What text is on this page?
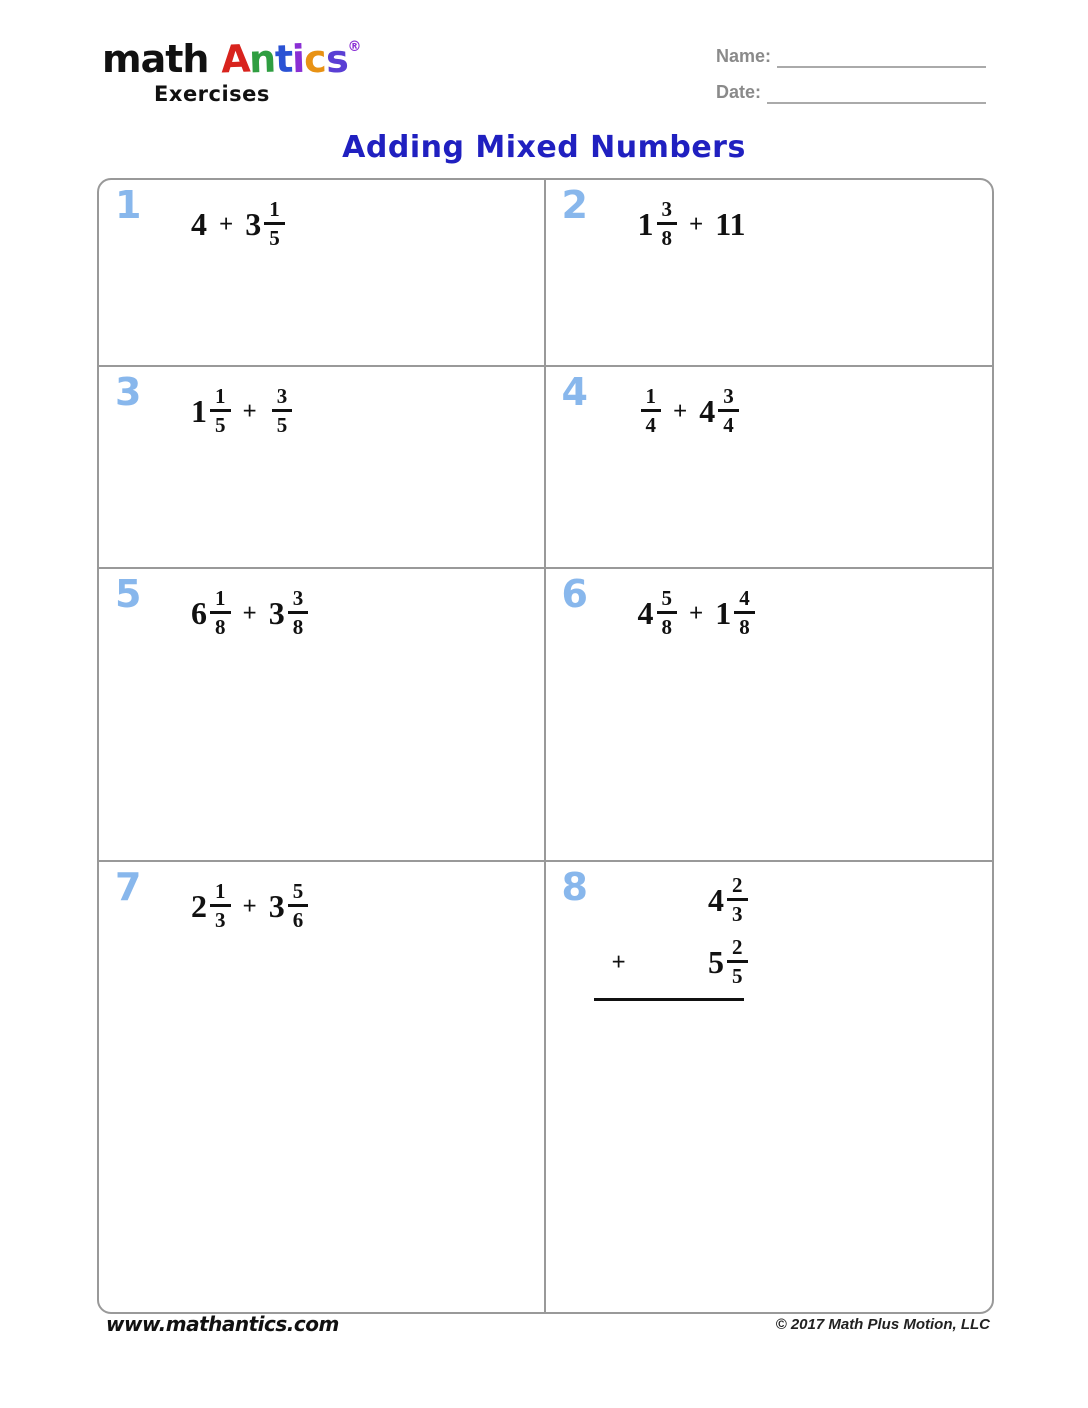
math Antics®
Exercises
Name:
Date:
Adding Mixed Numbers
1 $4 + 3 \frac{1}{5}$	2 $1 \frac{3}{8} + 11$
3 $1 \frac{1}{5} + \frac{3}{5}$	4	$\frac{1}{4} + 4 \frac{3}{4}$
5 $6 \frac{1}{8} + 3 \frac{3}{8}$	6 $4 \frac{5}{8} + 1 \frac{4}{8}$
7 $2 \frac{1}{3} + 3 \frac{5}{6}$	8	$4 \frac{2}{3}$
+	$5 \frac{2}{5}$
www.mathantics.com	© 2017 Math Plus Motion, LLC
